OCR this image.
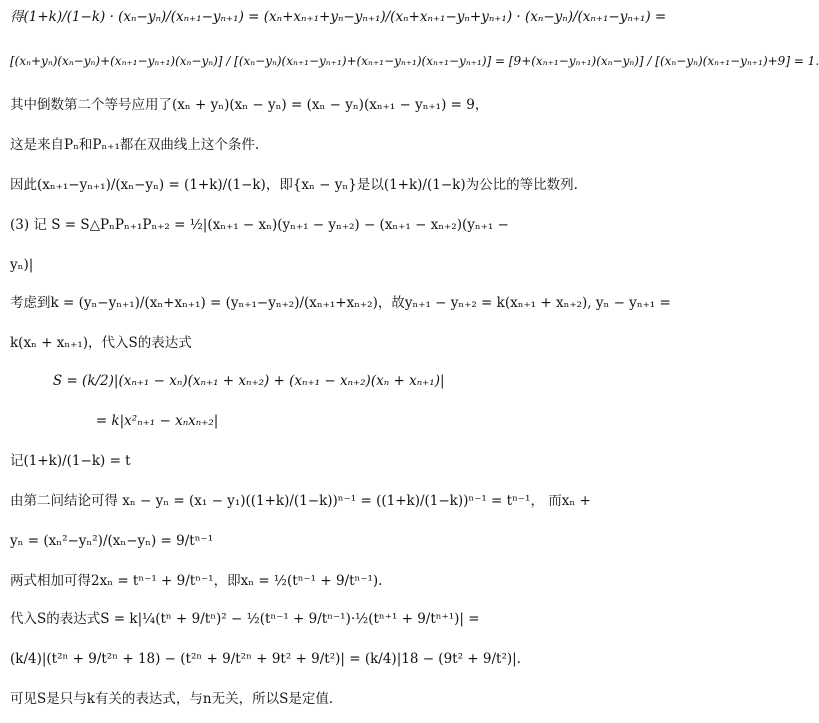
得(1+k)/(1−k) · (xₙ−yₙ)/(xₙ₊₁−yₙ₊₁) = (xₙ+xₙ₊₁+yₙ−yₙ₊₁)/(xₙ+xₙ₊₁−yₙ+yₙ₊₁) · (xₙ−yₙ)/(xₙ₊₁−yₙ₊₁) =
[(xₙ+yₙ)(xₙ−yₙ)+(xₙ₊₁−yₙ₊₁)(xₙ−yₙ)] / [(xₙ−yₙ)(xₙ₊₁−yₙ₊₁)+(xₙ₊₁−yₙ₊₁)(xₙ₊₁−yₙ₊₁)] = [9+(xₙ₊₁−yₙ₊₁)(xₙ−yₙ)] / [(xₙ−yₙ)(xₙ₊₁−yₙ₊₁)+9] = 1.
其中倒数第二个等号应用了(xₙ + yₙ)(xₙ − yₙ) = (xₙ − yₙ)(xₙ₊₁ − yₙ₊₁) = 9，
这是来自Pₙ和Pₙ₊₁都在双曲线上这个条件.
因此(xₙ₊₁−yₙ₊₁)/(xₙ−yₙ) = (1+k)/(1−k)，即{xₙ − yₙ}是以(1+k)/(1−k)为公比的等比数列.
(3) 记 S = S△PₙPₙ₊₁Pₙ₊₂ = ½|(xₙ₊₁ − xₙ)(yₙ₊₁ − yₙ₊₂) − (xₙ₊₁ − xₙ₊₂)(yₙ₊₁ −
yₙ)|
考虑到k = (yₙ−yₙ₊₁)/(xₙ+xₙ₊₁) = (yₙ₊₁−yₙ₊₂)/(xₙ₊₁+xₙ₊₂)，故yₙ₊₁ − yₙ₊₂ = k(xₙ₊₁ + xₙ₊₂), yₙ − yₙ₊₁ =
k(xₙ + xₙ₊₁)，代入S的表达式
S = (k/2)|(xₙ₊₁ − xₙ)(xₙ₊₁ + xₙ₊₂) + (xₙ₊₁ − xₙ₊₂)(xₙ + xₙ₊₁)|
= k|x²ₙ₊₁ − xₙxₙ₊₂|
记(1+k)/(1−k) = t
由第二问结论可得 xₙ − yₙ = (x₁ − y₁)((1+k)/(1−k))ⁿ⁻¹ = ((1+k)/(1−k))ⁿ⁻¹ = tⁿ⁻¹， 而xₙ +
yₙ = (xₙ²−yₙ²)/(xₙ−yₙ) = 9/tⁿ⁻¹
两式相加可得2xₙ = tⁿ⁻¹ + 9/tⁿ⁻¹，即xₙ = ½(tⁿ⁻¹ + 9/tⁿ⁻¹).
代入S的表达式S = k|¼(tⁿ + 9/tⁿ)² − ½(tⁿ⁻¹ + 9/tⁿ⁻¹)·½(tⁿ⁺¹ + 9/tⁿ⁺¹)| =
(k/4)|(t²ⁿ + 9/t²ⁿ + 18) − (t²ⁿ + 9/t²ⁿ + 9t² + 9/t²)| = (k/4)|18 − (9t² + 9/t²)|.
可见S是只与k有关的表达式，与n无关，所以S是定值.
